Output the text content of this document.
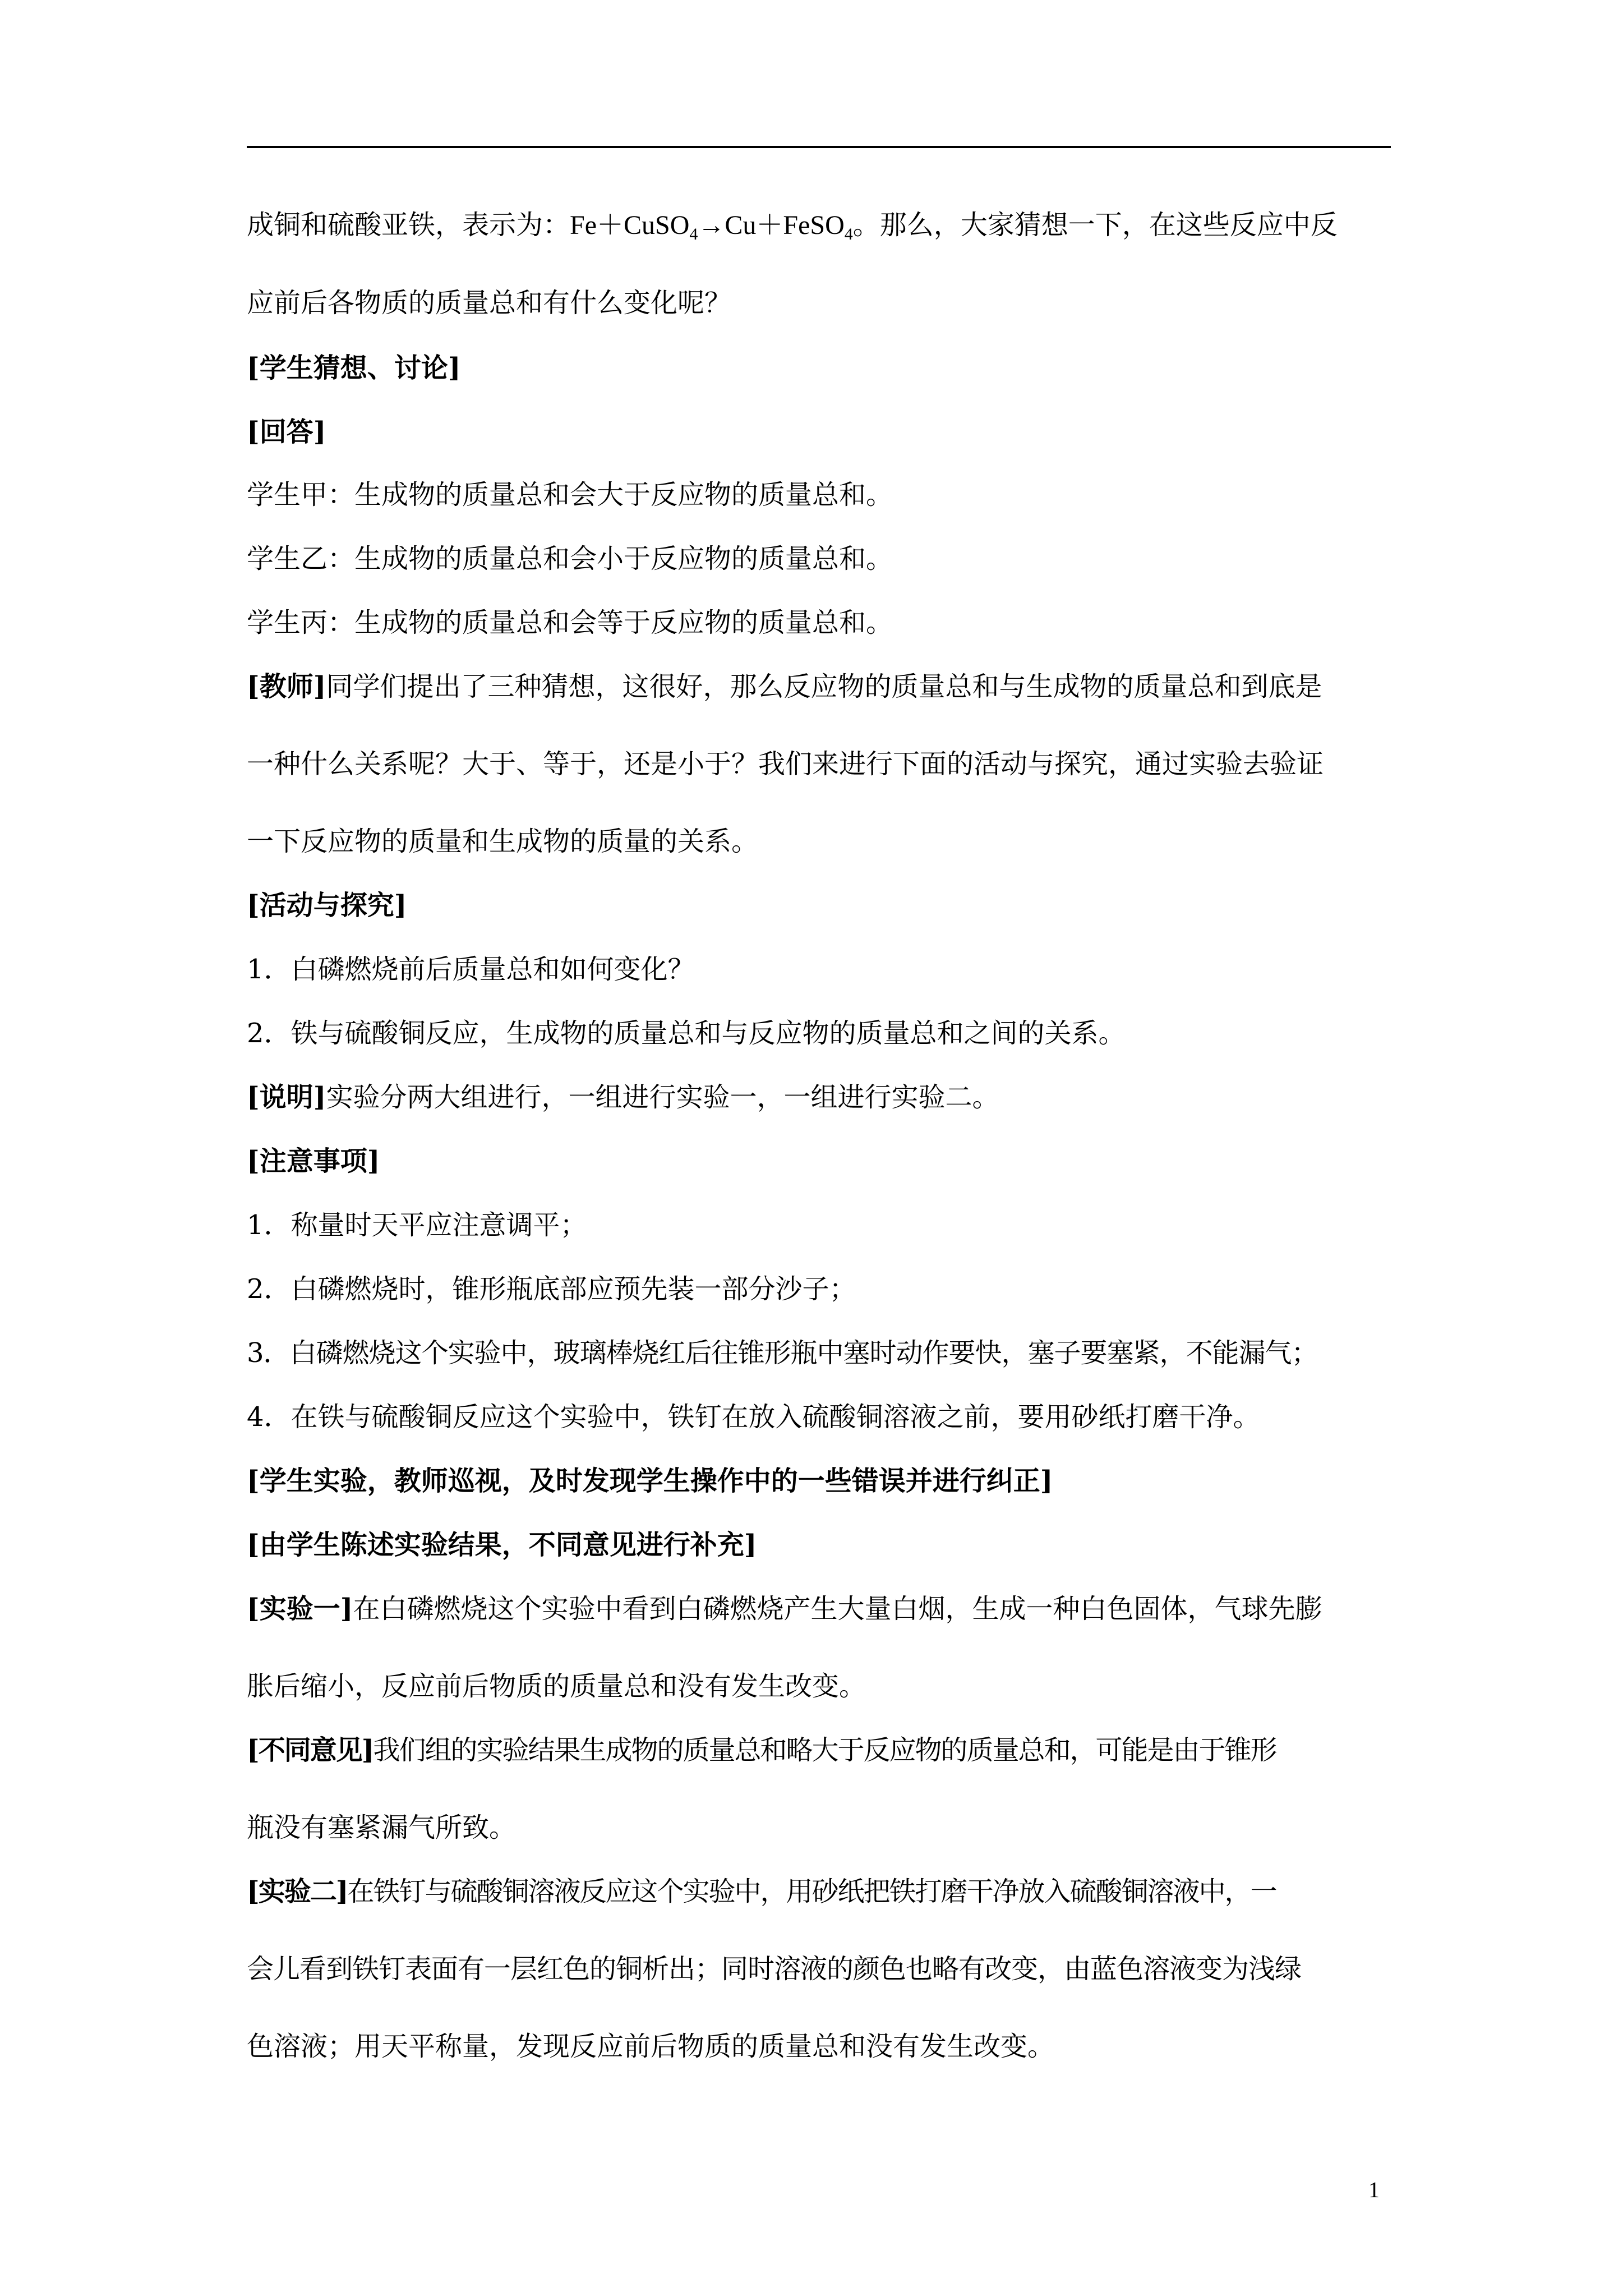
成铜和硫酸亚铁，表示为：Fe＋CuSO$_4$→Cu＋FeSO$_4$。那么，大家猜想一下，在这些反应中反
应前后各物质的质量总和有什么变化呢？
[学生猜想、讨论]
[回答]
学生甲：生成物的质量总和会大于反应物的质量总和。
学生乙：生成物的质量总和会小于反应物的质量总和。
学生丙：生成物的质量总和会等于反应物的质量总和。
[教师]同学们提出了三种猜想，这很好，那么反应物的质量总和与生成物的质量总和到底是
一种什么关系呢？大于、等于，还是小于？我们来进行下面的活动与探究，通过实验去验证
一下反应物的质量和生成物的质量的关系。
[活动与探究]
1．白磷燃烧前后质量总和如何变化？
2．铁与硫酸铜反应，生成物的质量总和与反应物的质量总和之间的关系。
[说明]实验分两大组进行，一组进行实验一，一组进行实验二。
[注意事项]
1．称量时天平应注意调平；
2．白磷燃烧时，锥形瓶底部应预先装一部分沙子；
3．白磷燃烧这个实验中，玻璃棒烧红后往锥形瓶中塞时动作要快，塞子要塞紧，不能漏气；
4．在铁与硫酸铜反应这个实验中，铁钉在放入硫酸铜溶液之前，要用砂纸打磨干净。
[学生实验，教师巡视，及时发现学生操作中的一些错误并进行纠正]
[由学生陈述实验结果，不同意见进行补充]
[实验一]在白磷燃烧这个实验中看到白磷燃烧产生大量白烟，生成一种白色固体，气球先膨
胀后缩小，反应前后物质的质量总和没有发生改变。
[不同意见]我们组的实验结果生成物的质量总和略大于反应物的质量总和，可能是由于锥形
瓶没有塞紧漏气所致。
[实验二]在铁钉与硫酸铜溶液反应这个实验中，用砂纸把铁打磨干净放入硫酸铜溶液中，一
会儿看到铁钉表面有一层红色的铜析出；同时溶液的颜色也略有改变，由蓝色溶液变为浅绿
色溶液；用天平称量，发现反应前后物质的质量总和没有发生改变。
1
